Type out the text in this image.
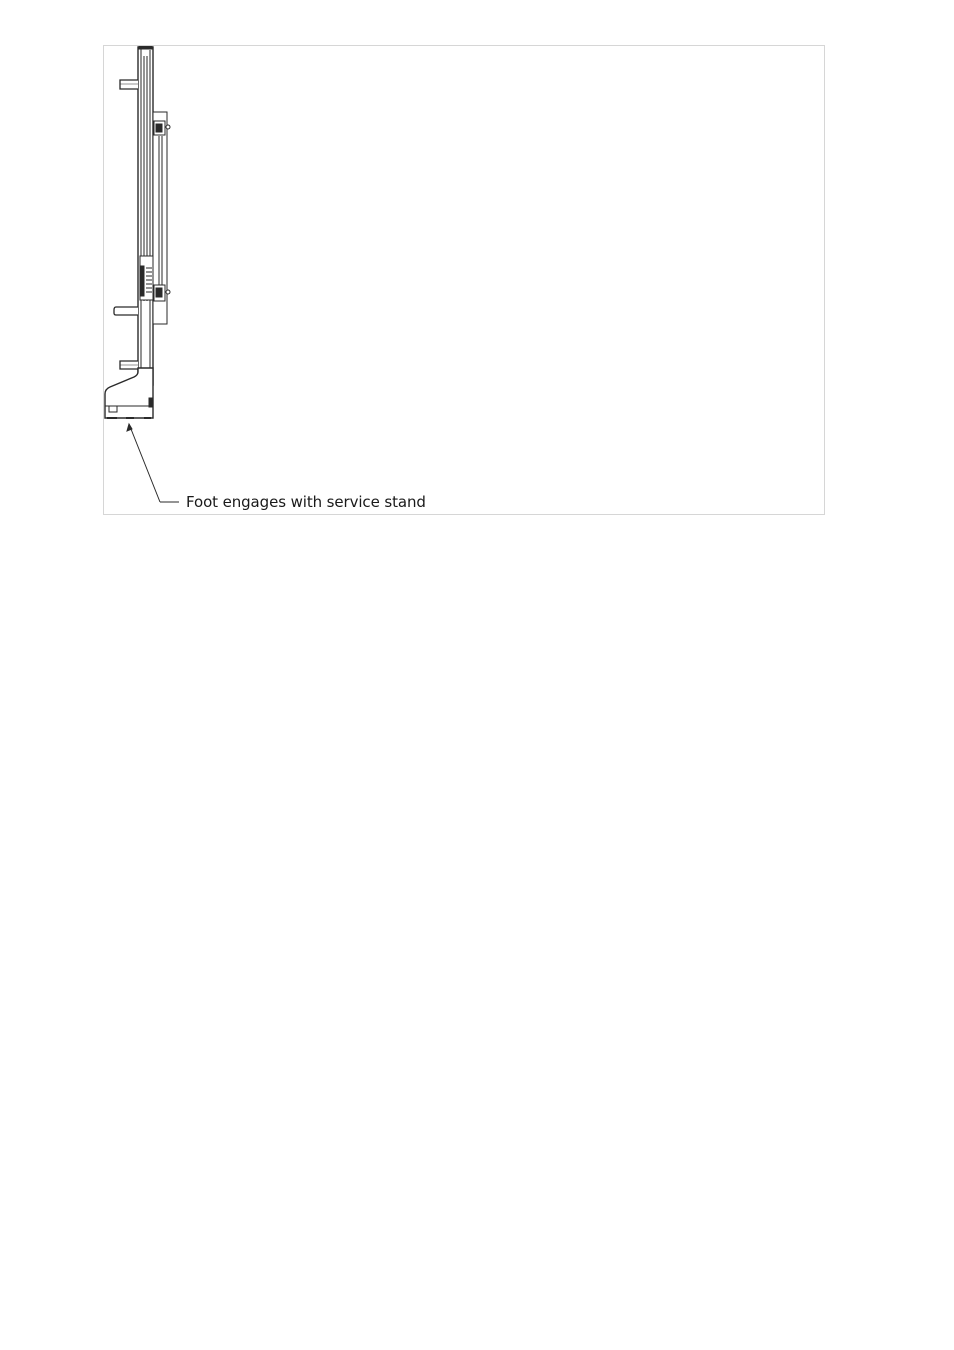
Foot engages with service stand
